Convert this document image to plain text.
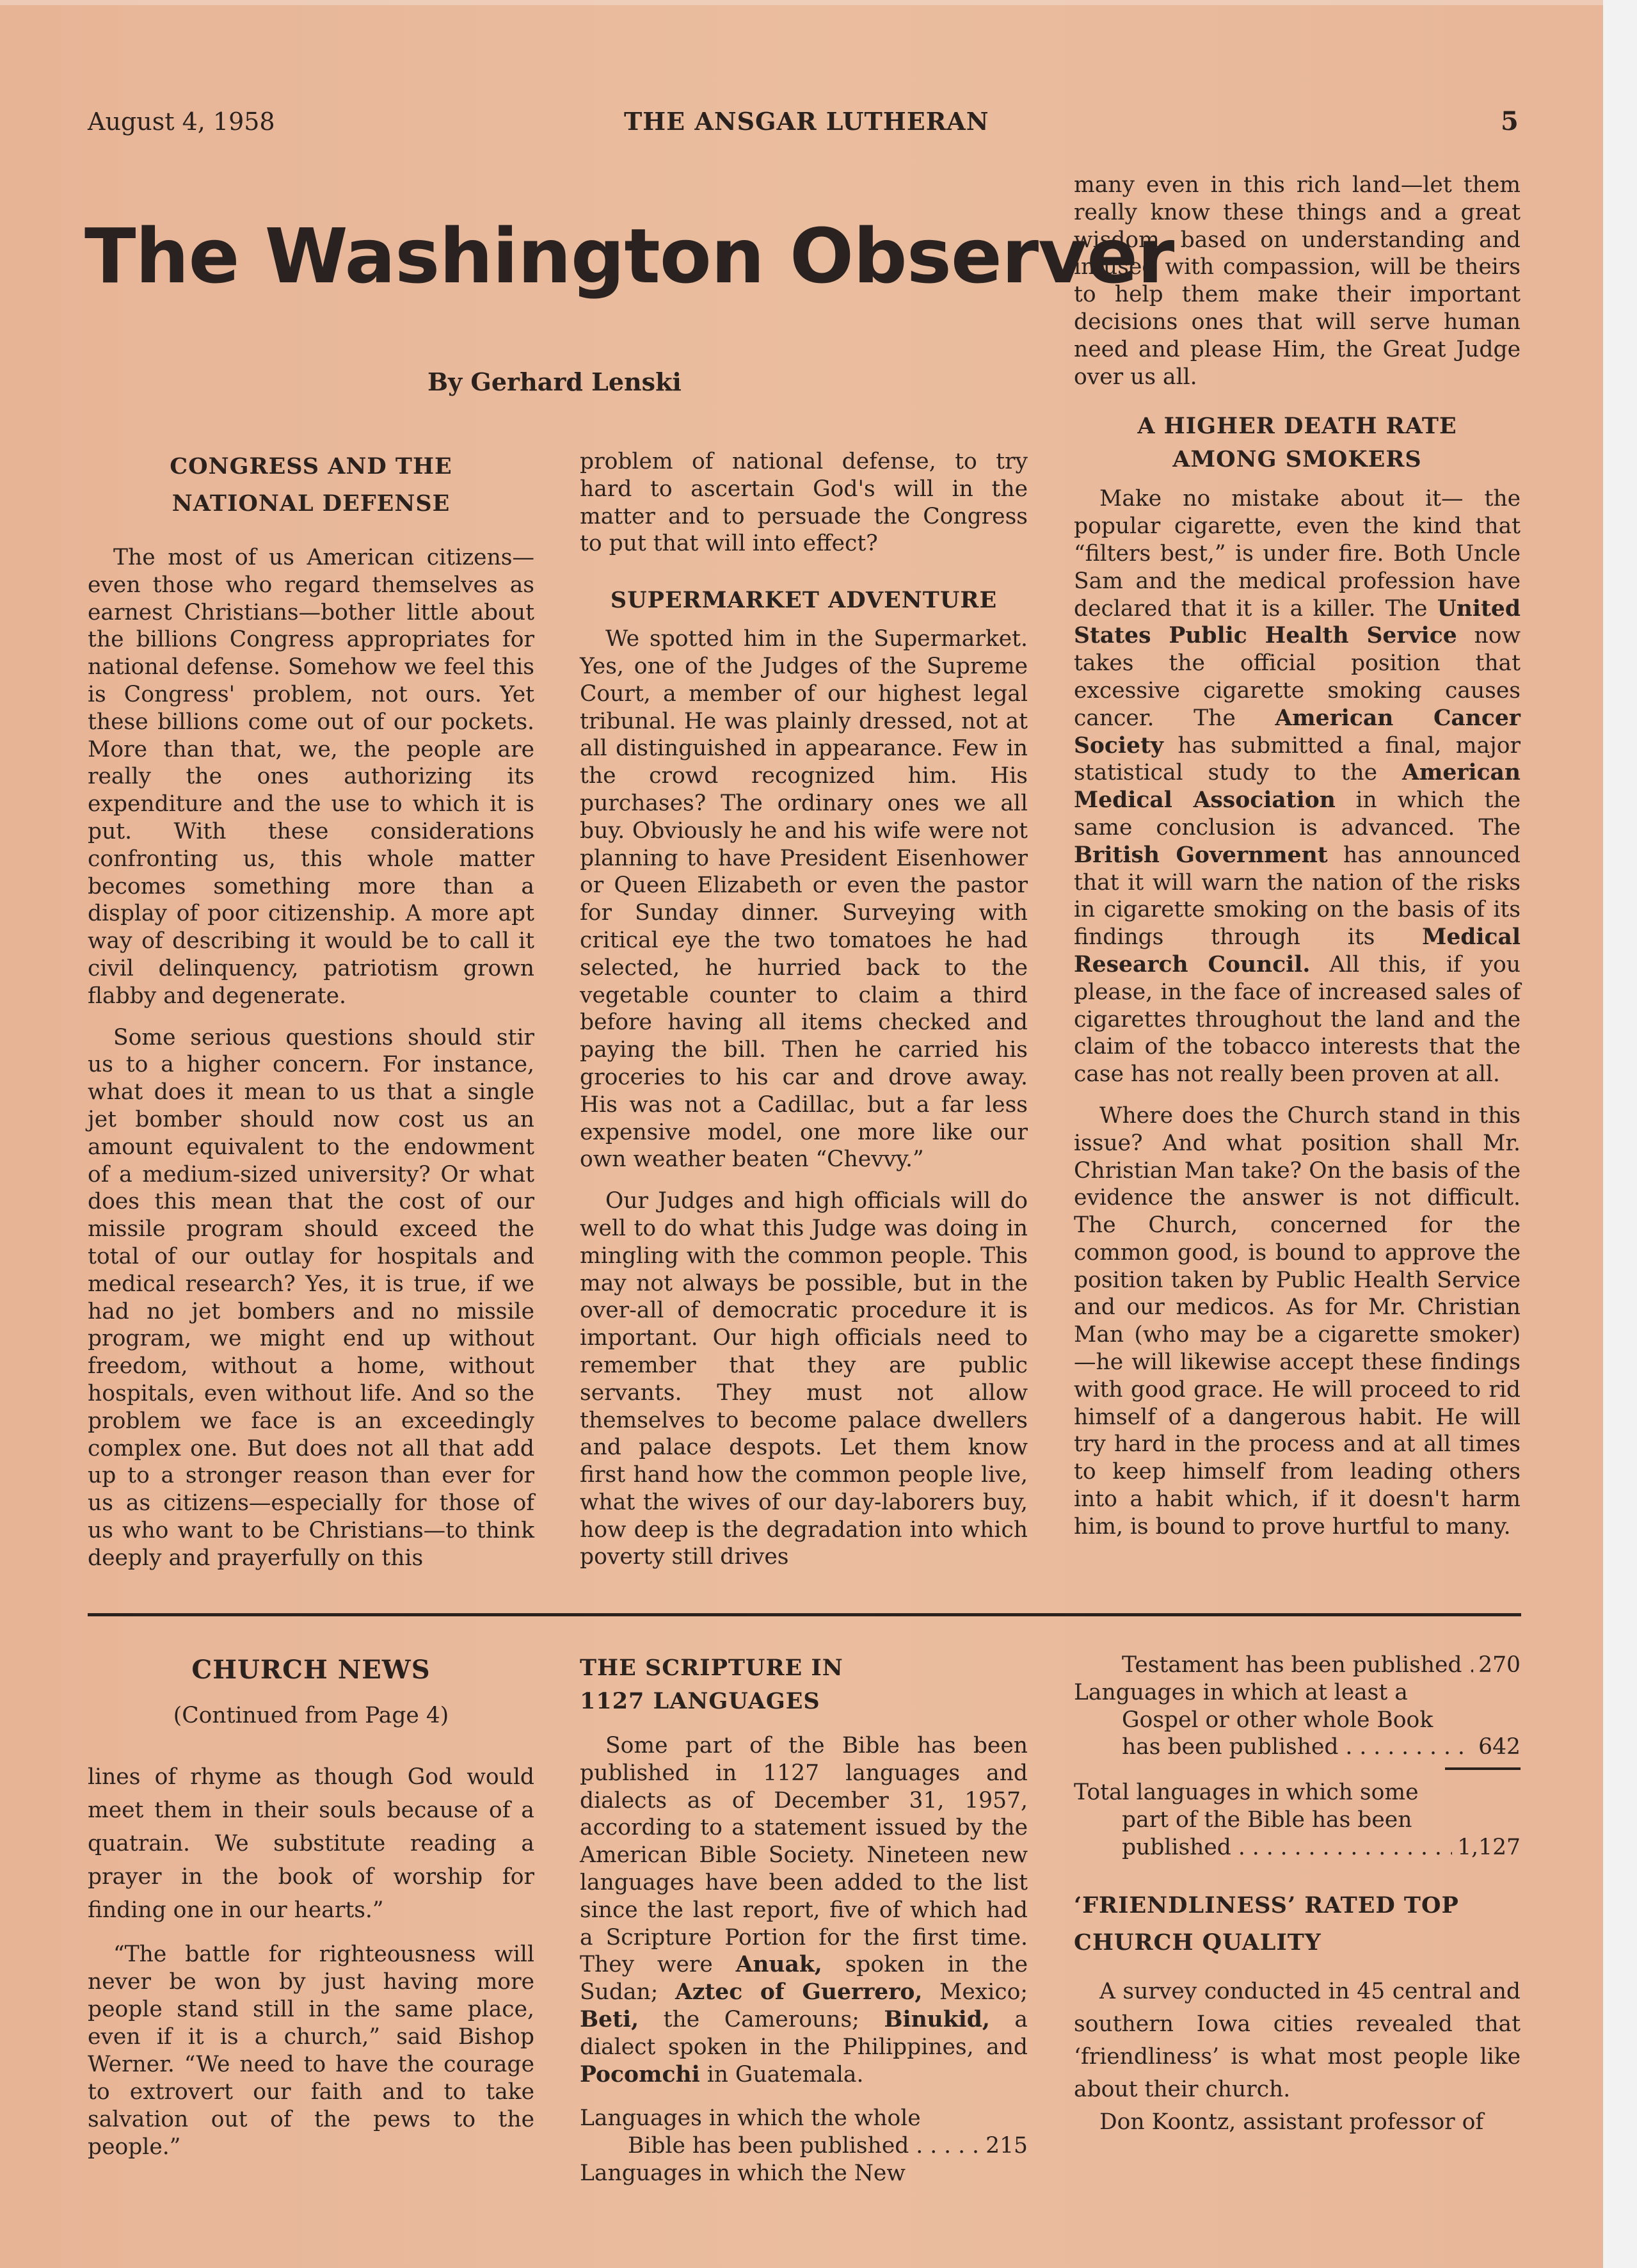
August 4, 1958	THE ANSGAR LUTHERAN	5
The Washington Observer
By Gerhard Lenski
CONGRESS AND THE NATIONAL DEFENSE

The most of us American citizens—even those who regard themselves as earnest Christians—bother little about the billions Congress appropriates for national defense. Somehow we feel this is Congress' problem, not ours. Yet these billions come out of our pockets. More than that, we, the people are really the ones authorizing its expenditure and the use to which it is put. With these considerations confronting us, this whole matter becomes something more than a display of poor citizenship. A more apt way of describing it would be to call it civil delinquency, patriotism grown flabby and degenerate.

Some serious questions should stir us to a higher concern. For instance, what does it mean to us that a single jet bomber should now cost us an amount equivalent to the endowment of a medium-sized university? Or what does this mean that the cost of our missile program should exceed the total of our outlay for hospitals and medical research? Yes, it is true, if we had no jet bombers and no missile program, we might end up without freedom, without a home, without hospitals, even without life. And so the problem we face is an exceedingly complex one. But does not all that add up to a stronger reason than ever for us as citizens—especially for those of us who want to be Christians—to think deeply and prayerfully on this

problem of national defense, to try hard to ascertain God's will in the matter and to persuade the Congress to put that will into effect?

SUPERMARKET ADVENTURE

We spotted him in the Supermarket. Yes, one of the Judges of the Supreme Court, a member of our highest legal tribunal. He was plainly dressed, not at all distinguished in appearance. Few in the crowd recognized him. His purchases? The ordinary ones we all buy. Obviously he and his wife were not planning to have President Eisenhower or Queen Elizabeth or even the pastor for Sunday dinner. Surveying with critical eye the two tomatoes he had selected, he hurried back to the vegetable counter to claim a third before having all items checked and paying the bill. Then he carried his groceries to his car and drove away. His was not a Cadillac, but a far less expensive model, one more like our own weather beaten “Chevvy.”

Our Judges and high officials will do well to do what this Judge was doing in mingling with the common people. This may not always be possible, but in the over-all of democratic procedure it is important. Our high officials need to remember that they are public servants. They must not allow themselves to become palace dwellers and palace despots. Let them know first hand how the common people live, what the wives of our day-laborers buy, how deep is the degradation into which poverty still drives

many even in this rich land—let them really know these things and a great wisdom, based on understanding and infused with compassion, will be theirs to help them make their important decisions ones that will serve human need and please Him, the Great Judge over us all.

A HIGHER DEATH RATE
AMONG SMOKERS

Make no mistake about it— the popular cigarette, even the kind that “filters best,” is under fire. Both Uncle Sam and the medical profession have declared that it is a killer. The United States Public Health Service now takes the official position that excessive cigarette smoking causes cancer. The American Cancer Society has submitted a final, major statistical study to the American Medical Association in which the same conclusion is advanced. The British Government has announced that it will warn the nation of the risks in cigarette smoking on the basis of its findings through its Medical Research Council. All this, if you please, in the face of increased sales of cigarettes throughout the land and the claim of the tobacco interests that the case has not really been proven at all.

Where does the Church stand in this issue? And what position shall Mr. Christian Man take? On the basis of the evidence the answer is not difficult. The Church, concerned for the common good, is bound to approve the position taken by Public Health Service and our medicos. As for Mr. Christian Man (who may be a cigarette smoker)—he will likewise accept these findings with good grace. He will proceed to rid himself of a dangerous habit. He will try hard in the process and at all times to keep himself from leading others into a habit which, if it doesn't harm him, is bound to prove hurtful to many.

CHURCH NEWS
(Continued from Page 4)

lines of rhyme as though God would meet them in their souls because of a quatrain. We substitute reading a prayer in the book of worship for finding one in our hearts.”

“The battle for righteousness will never be won by just having more people stand still in the same place, even if it is a church,” said Bishop Werner. “We need to have the courage to extrovert our faith and to take salvation out of the pews to the people.”

THE SCRIPTURE IN
1127 LANGUAGES

Some part of the Bible has been published in 1127 languages and dialects as of December 31, 1957, according to a statement issued by the American Bible Society. Nineteen new languages have been added to the list since the last report, five of which had a Scripture Portion for the first time. They were Anuak, spoken in the Sudan; Aztec of Guerrero, Mexico; Beti, the Camerouns; Binukid, a dialect spoken in the Philippines, and Pocomchi in Guatemala.

Languages in which the whole
Bible has been published . . .	215
Languages in which the New
Testament has been published . . . 270
Languages in which at least a
Gospel or other whole Book
has been published . . .	642
Total languages in which some
part of the Bible has been
published . . .	1,127
‘FRIENDLINESS’ RATED TOP
CHURCH QUALITY

A survey conducted in 45 central and southern Iowa cities revealed that ‘friendliness’ is what most people like about their church.

Don Koontz, assistant professor of
